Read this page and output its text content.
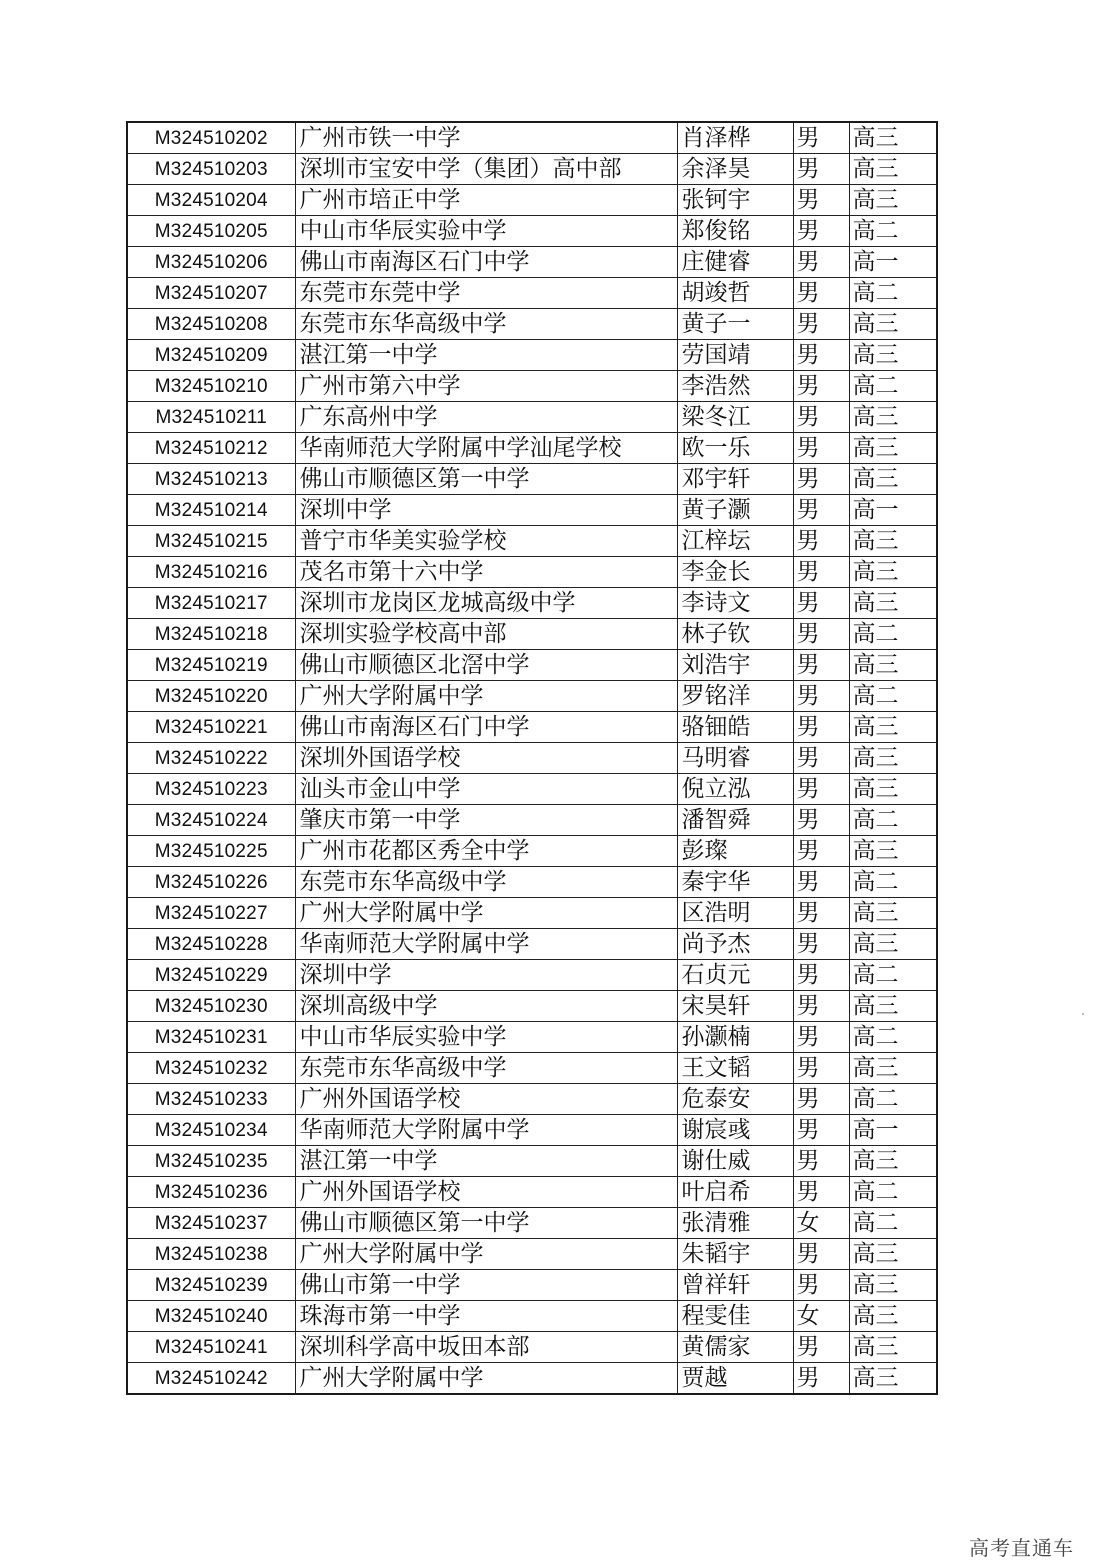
M324510202	广州市铁一中学	肖泽桦	男	高三
M324510203	深圳市宝安中学（集团）高中部	余泽昊	男	高三
M324510204	广州市培正中学	张钶宇	男	高三
M324510205	中山市华辰实验中学	郑俊铭	男	高二
M324510206	佛山市南海区石门中学	庄健睿	男	高一
M324510207	东莞市东莞中学	胡竣哲	男	高二
M324510208	东莞市东华高级中学	黄子一	男	高三
M324510209	湛江第一中学	劳国靖	男	高三
M324510210	广州市第六中学	李浩然	男	高二
M324510211	广东高州中学	梁冬江	男	高三
M324510212	华南师范大学附属中学汕尾学校	欧一乐	男	高三
M324510213	佛山市顺德区第一中学	邓宇轩	男	高三
M324510214	深圳中学	黄子灏	男	高一
M324510215	普宁市华美实验学校	江梓坛	男	高三
M324510216	茂名市第十六中学	李金长	男	高三
M324510217	深圳市龙岗区龙城高级中学	李诗文	男	高三
M324510218	深圳实验学校高中部	林子钦	男	高二
M324510219	佛山市顺德区北滘中学	刘浩宇	男	高三
M324510220	广州大学附属中学	罗铭洋	男	高二
M324510221	佛山市南海区石门中学	骆钿皓	男	高三
M324510222	深圳外国语学校	马明睿	男	高三
M324510223	汕头市金山中学	倪立泓	男	高三
M324510224	肇庆市第一中学	潘智舜	男	高二
M324510225	广州市花都区秀全中学	彭璨	男	高三
M324510226	东莞市东华高级中学	秦宇华	男	高二
M324510227	广州大学附属中学	区浩明	男	高三
M324510228	华南师范大学附属中学	尚予杰	男	高三
M324510229	深圳中学	石贞元	男	高二
M324510230	深圳高级中学	宋昊轩	男	高三
M324510231	中山市华辰实验中学	孙灏楠	男	高二
M324510232	东莞市东华高级中学	王文韬	男	高三
M324510233	广州外国语学校	危泰安	男	高二
M324510234	华南师范大学附属中学	谢宸彧	男	高一
M324510235	湛江第一中学	谢仕威	男	高三
M324510236	广州外国语学校	叶启希	男	高二
M324510237	佛山市顺德区第一中学	张清雅	女	高二
M324510238	广州大学附属中学	朱韬宇	男	高三
M324510239	佛山市第一中学	曾祥轩	男	高三
M324510240	珠海市第一中学	程雯佳	女	高三
M324510241	深圳科学高中坂田本部	黄儒家	男	高三
M324510242	广州大学附属中学	贾越	男	高三

高考直通车
